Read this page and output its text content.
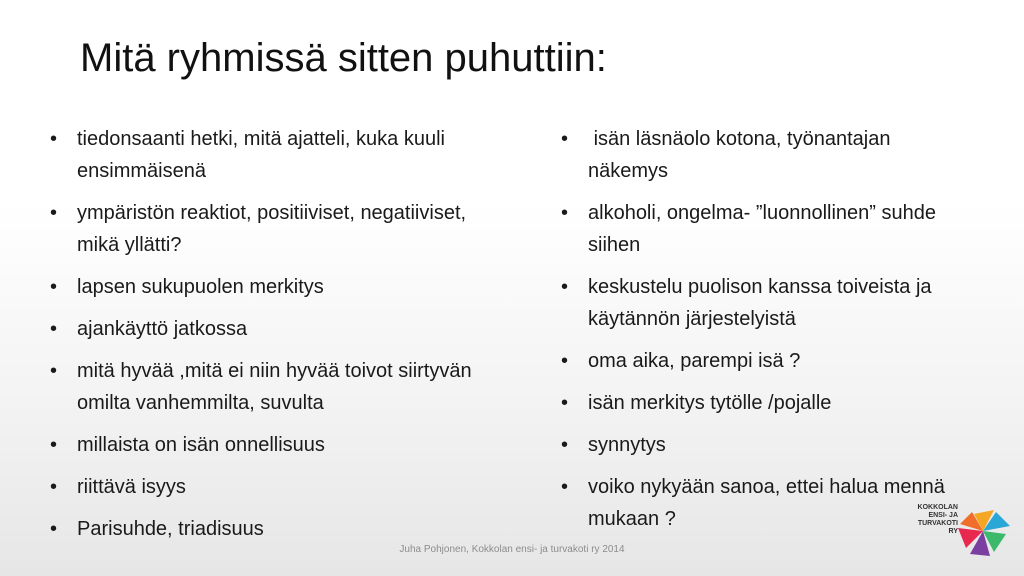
Mitä ryhmissä sitten puhuttiin:
• tiedonsaanti hetki, mitä ajatteli, kuka kuuli ensimmäisenä
• ympäristön reaktiot, positiiviset, negatiiviset, mikä yllätti?
• lapsen sukupuolen merkitys
• ajankäyttö jatkossa
• mitä hyvää ,mitä ei niin hyvää toivot siirtyvän omilta vanhemmilta, suvulta
• millaista on isän onnellisuus
• riittävä isyys
• Parisuhde, triadisuus
• isän läsnäolo kotona, työnantajan näkemys
• alkoholi, ongelma- ”luonnollinen” suhde siihen
• keskustelu puolison kanssa toiveista ja käytännön järjestelyistä
• oma aika, parempi isä ?
• isän merkitys tytölle /pojalle
• synnytys
• voiko nykyään sanoa, ettei halua mennä mukaan ?
Juha Pohjonen, Kokkolan ensi- ja turvakoti ry 2014
KOKKOLAN
ENSI- JA
TURVAKOTI RY
